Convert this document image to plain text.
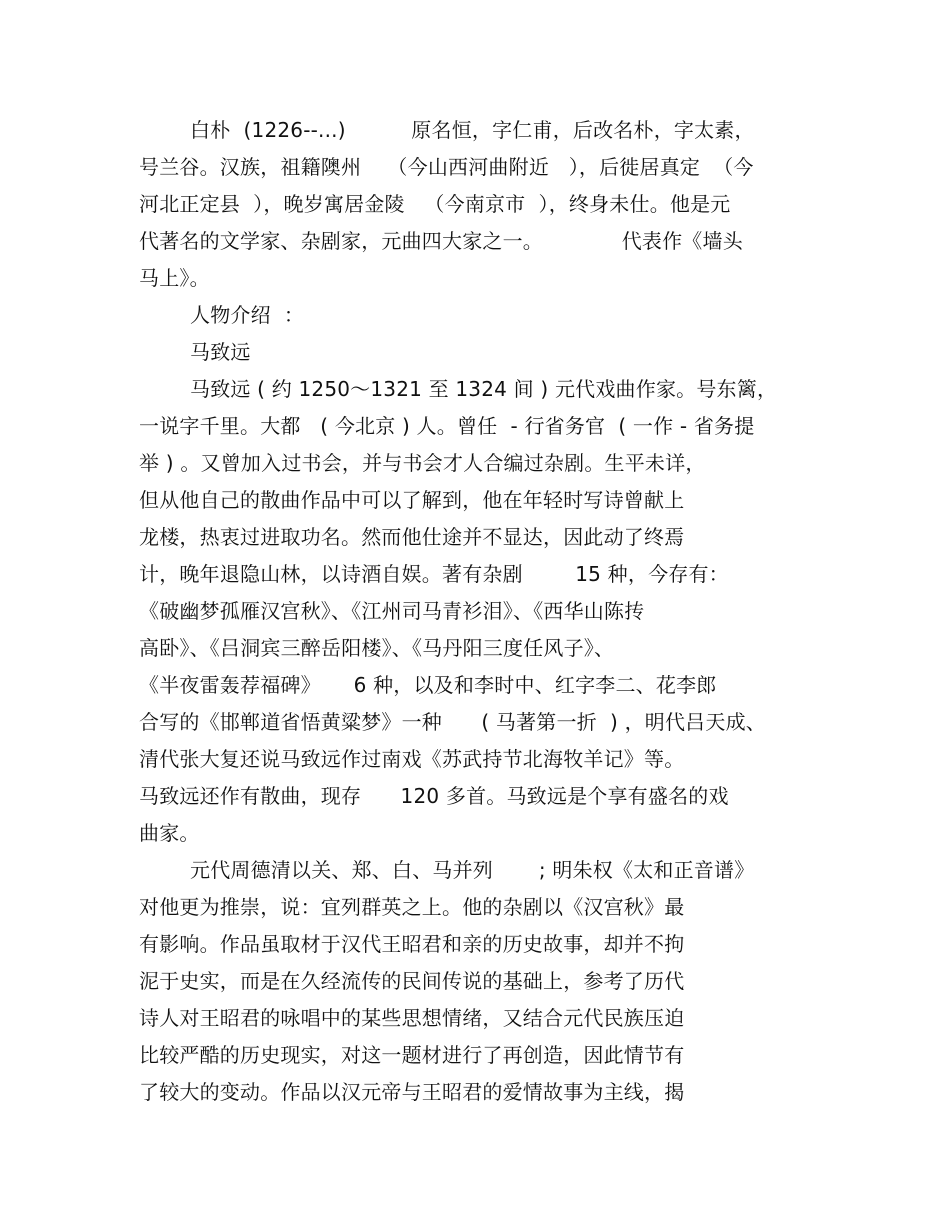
白朴  (1226--...)          原名恒，字仁甫，后改名朴，字太素，
号兰谷。汉族，祖籍隩州    （今山西河曲附近   ），后徙居真定  （今
河北正定县  ），晚岁寓居金陵   （今南京市  ），终身未仕。他是元
代著名的文学家、杂剧家，元曲四大家之一。            代表作《墙头
马上》。
人物介绍  ：
马致远
马致远 ( 约 1250～1321 至 1324 间 ) 元代戏曲作家。号东篱，
一说字千里。大都   ( 今北京 ) 人。曾任  - 行省务官  ( 一作 - 省务提
举 ) 。又曾加入过书会，并与书会才人合编过杂剧。生平未详，
但从他自己的散曲作品中可以了解到，他在年轻时写诗曾献上
龙楼，热衷过进取功名。然而他仕途并不显达，因此动了终焉
计，晚年退隐山林，以诗酒自娱。著有杂剧        15 种，今存有：
《破幽梦孤雁汉宫秋》、《江州司马青衫泪》、《西华山陈抟
高卧》、《吕洞宾三醉岳阳楼》、《马丹阳三度任风子》、
《半夜雷轰荐福碑》     6 种，以及和李时中、红字李二、花李郎
合写的《邯郸道省悟黄粱梦》一种      ( 马著第一折  ) ，明代吕天成、
清代张大复还说马致远作过南戏《苏武持节北海牧羊记》等。
马致远还作有散曲，现存      120 多首。马致远是个享有盛名的戏
曲家。
元代周德清以关、郑、白、马并列       ; 明朱权《太和正音谱》
对他更为推崇，说：宜列群英之上。他的杂剧以《汉宫秋》最
有影响。作品虽取材于汉代王昭君和亲的历史故事，却并不拘
泥于史实，而是在久经流传的民间传说的基础上，参考了历代
诗人对王昭君的咏唱中的某些思想情绪，又结合元代民族压迫
比较严酷的历史现实，对这一题材进行了再创造，因此情节有
了较大的变动。作品以汉元帝与王昭君的爱情故事为主线，揭
